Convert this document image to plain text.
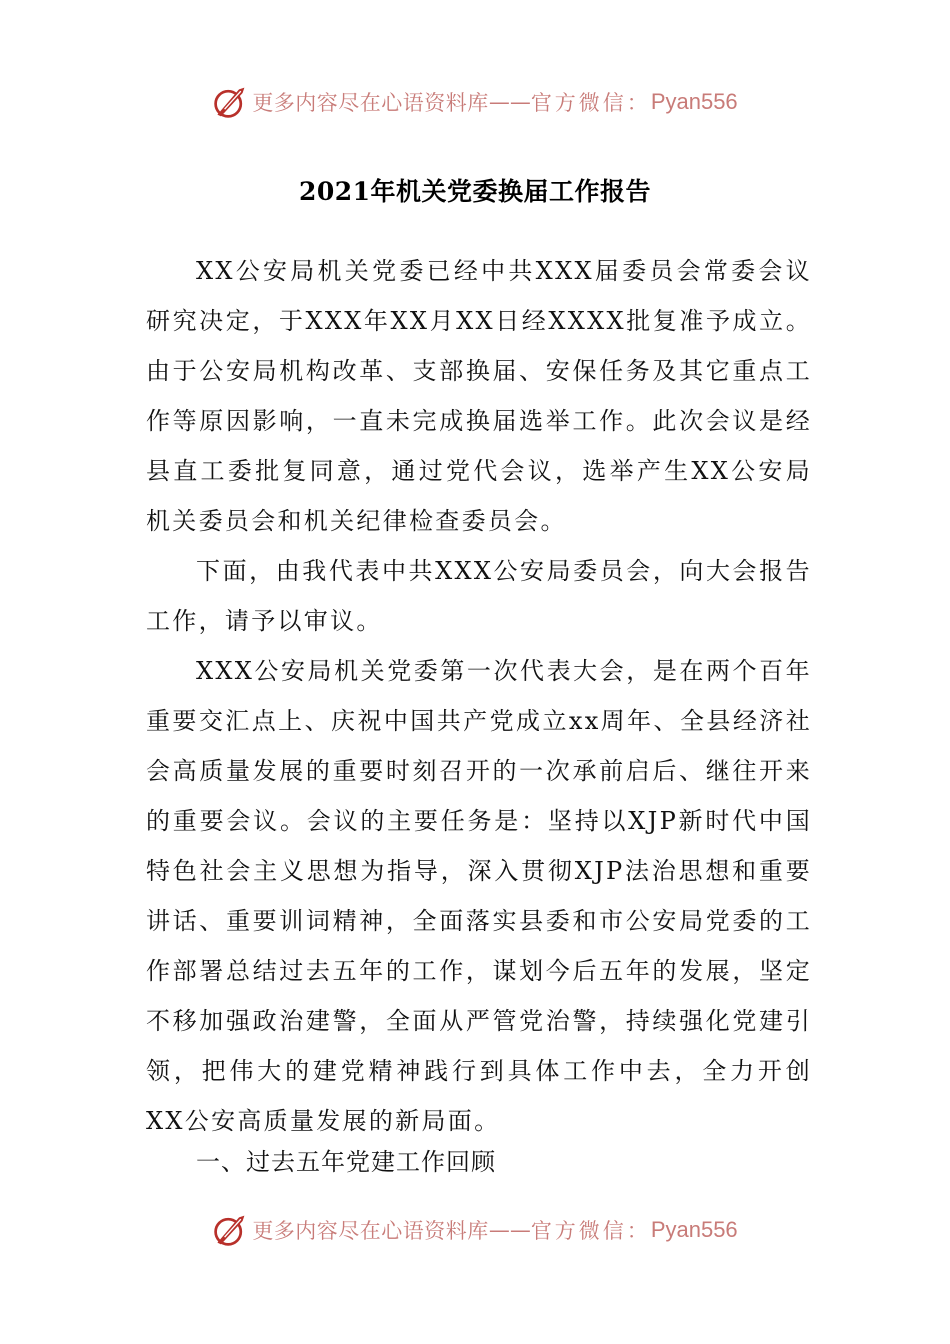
更多内容尽在心语资料库 —— 官方微信： Pyan556
2021年机关党委换届工作报告

XX公安局机关党委已经中共XXX届委员会常委会议研究决定，于XXX年XX月XX日经XXXX批复准予成立。由于公安局机构改革、支部换届、安保任务及其它重点工作等原因影响，一直未完成换届选举工作。此次会议是经县直工委批复同意，通过党代会议，选举产生XX公安局机关委员会和机关纪律检查委员会。

下面，由我代表中共XXX公安局委员会，向大会报告工作，请予以审议。

XXX公安局机关党委第一次代表大会，是在两个百年重要交汇点上、庆祝中国共产党成立xx周年、全县经济社会高质量发展的重要时刻召开的一次承前启后、继往开来的重要会议。会议的主要任务是：坚持以XJP新时代中国特色社会主义思想为指导，深入贯彻XJP法治思想和重要讲话、重要训词精神，全面落实县委和市公安局党委的工作部署总结过去五年的工作，谋划今后五年的发展，坚定不移加强政治建警，全面从严管党治警，持续强化党建引领，把伟大的建党精神践行到具体工作中去，全力开创XX公安高质量发展的新局面。

一、过去五年党建工作回顾
更多内容尽在心语资料库 —— 官方微信： Pyan556
